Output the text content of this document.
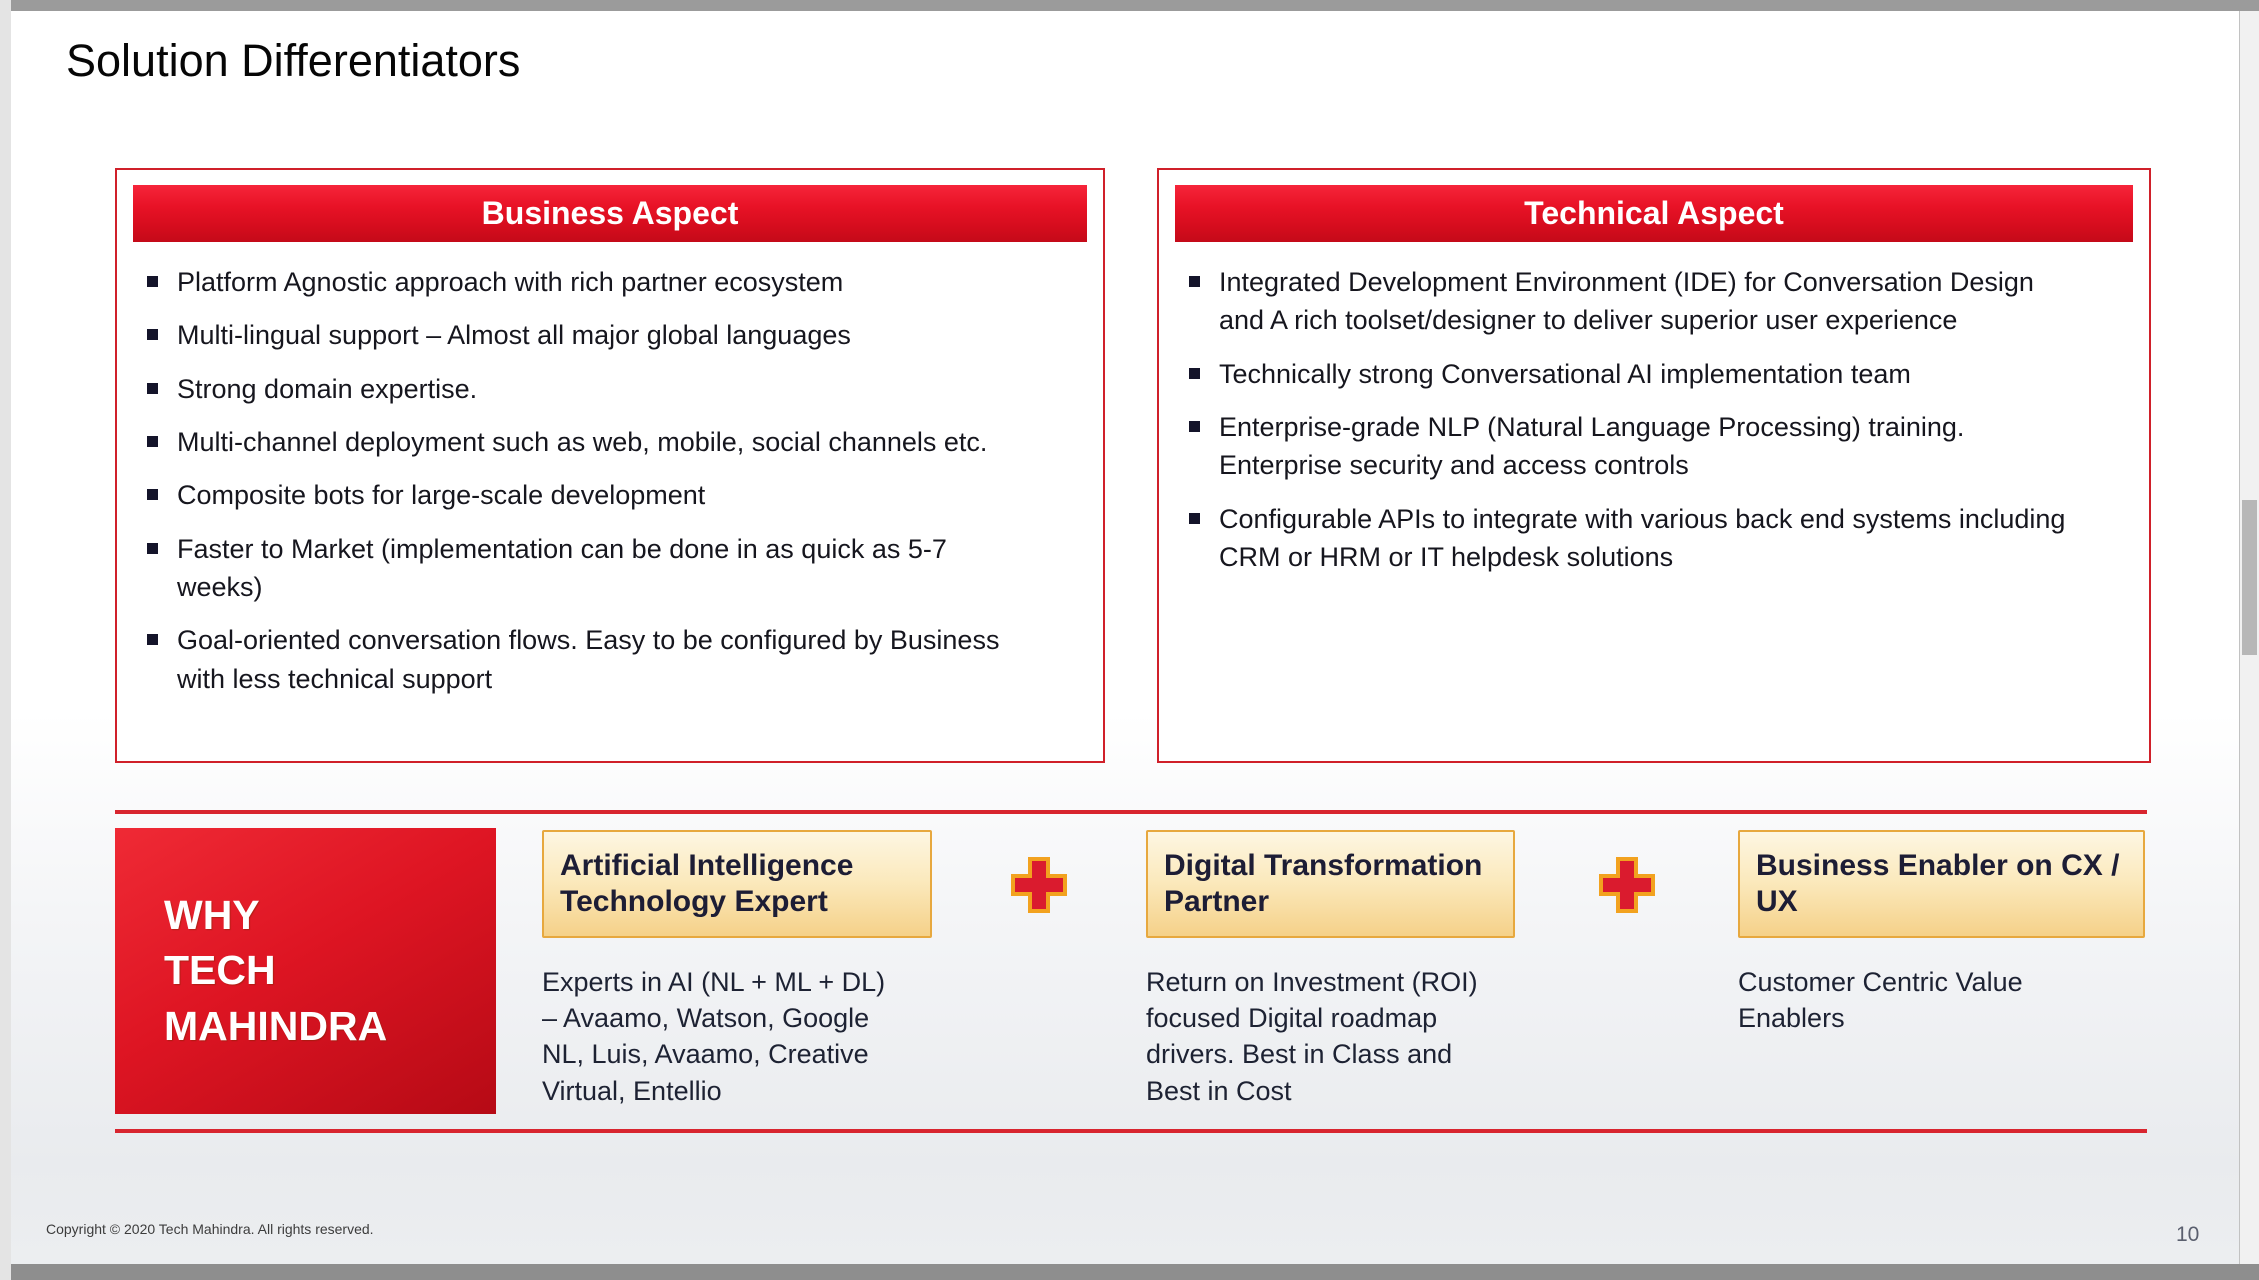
Solution Differentiators
Business Aspect
Platform Agnostic approach with rich partner ecosystem
Multi-lingual support – Almost all major global languages
Strong domain expertise.
Multi-channel deployment such as web, mobile, social channels etc.
Composite bots for large-scale development
Faster to Market (implementation can be done in as quick as 5-7 weeks)
Goal-oriented conversation flows. Easy to be configured by Business with less technical support
Technical Aspect
Integrated Development Environment (IDE) for Conversation Design and A rich toolset/designer to deliver superior user experience
Technically strong Conversational AI implementation team
Enterprise-grade NLP (Natural Language Processing) training. Enterprise security and access controls
Configurable APIs to integrate with various back end systems including CRM or HRM or IT helpdesk solutions
WHY
TECH
MAHINDRA
Artificial Intelligence Technology Expert
Experts in AI (NL + ML + DL) – Avaamo, Watson, Google NL, Luis, Avaamo, Creative Virtual, Entellio
Digital Transformation Partner
Return on Investment (ROI) focused Digital roadmap drivers. Best in Class and Best in Cost
Business Enabler on CX / UX
Customer Centric Value Enablers
Copyright © 2020 Tech Mahindra. All rights reserved.	10
